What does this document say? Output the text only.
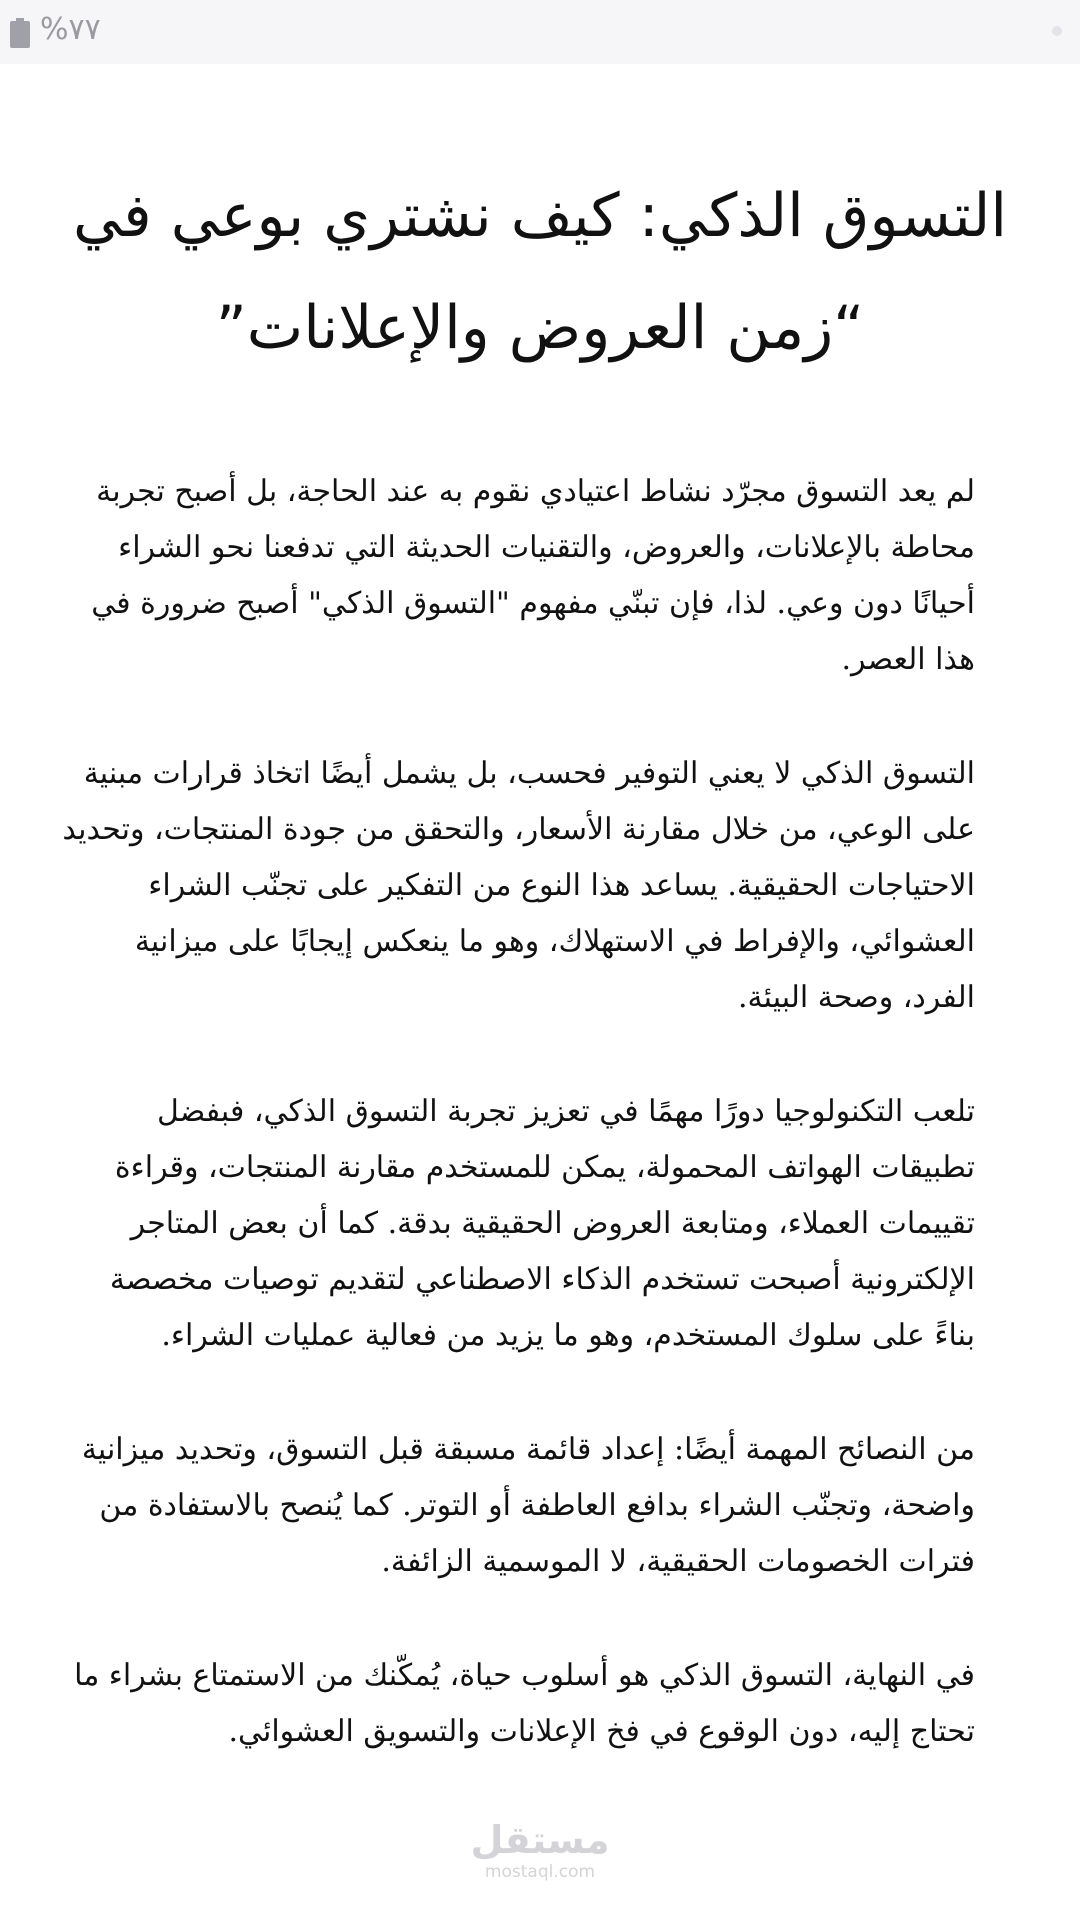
%٧٧
التسوق الذكي: كيف نشتري بوعي في “زمن العروض والإعلانات”

لم يعد التسوق مجرّد نشاط اعتيادي نقوم به عند الحاجة، بل أصبح تجربة محاطة بالإعلانات، والعروض، والتقنيات الحديثة التي تدفعنا نحو الشراء أحيانًا دون وعي. لذا، فإن تبنّي مفهوم "التسوق الذكي" أصبح ضرورة في هذا العصر.

التسوق الذكي لا يعني التوفير فحسب، بل يشمل أيضًا اتخاذ قرارات مبنية على الوعي، من خلال مقارنة الأسعار، والتحقق من جودة المنتجات، وتحديد الاحتياجات الحقيقية. يساعد هذا النوع من التفكير على تجنّب الشراء العشوائي، والإفراط في الاستهلاك، وهو ما ينعكس إيجابًا على ميزانية الفرد، وصحة البيئة.

تلعب التكنولوجيا دورًا مهمًا في تعزيز تجربة التسوق الذكي، فبفضل تطبيقات الهواتف المحمولة، يمكن للمستخدم مقارنة المنتجات، وقراءة تقييمات العملاء، ومتابعة العروض الحقيقية بدقة. كما أن بعض المتاجر الإلكترونية أصبحت تستخدم الذكاء الاصطناعي لتقديم توصيات مخصصة بناءً على سلوك المستخدم، وهو ما يزيد من فعالية عمليات الشراء.

من النصائح المهمة أيضًا: إعداد قائمة مسبقة قبل التسوق، وتحديد ميزانية واضحة، وتجنّب الشراء بدافع العاطفة أو التوتر. كما يُنصح بالاستفادة من فترات الخصومات الحقيقية، لا الموسمية الزائفة.

في النهاية، التسوق الذكي هو أسلوب حياة، يُمكّنك من الاستمتاع بشراء ما تحتاج إليه، دون الوقوع في فخ الإعلانات والتسويق العشوائي.

مستقل
mostaql.com
